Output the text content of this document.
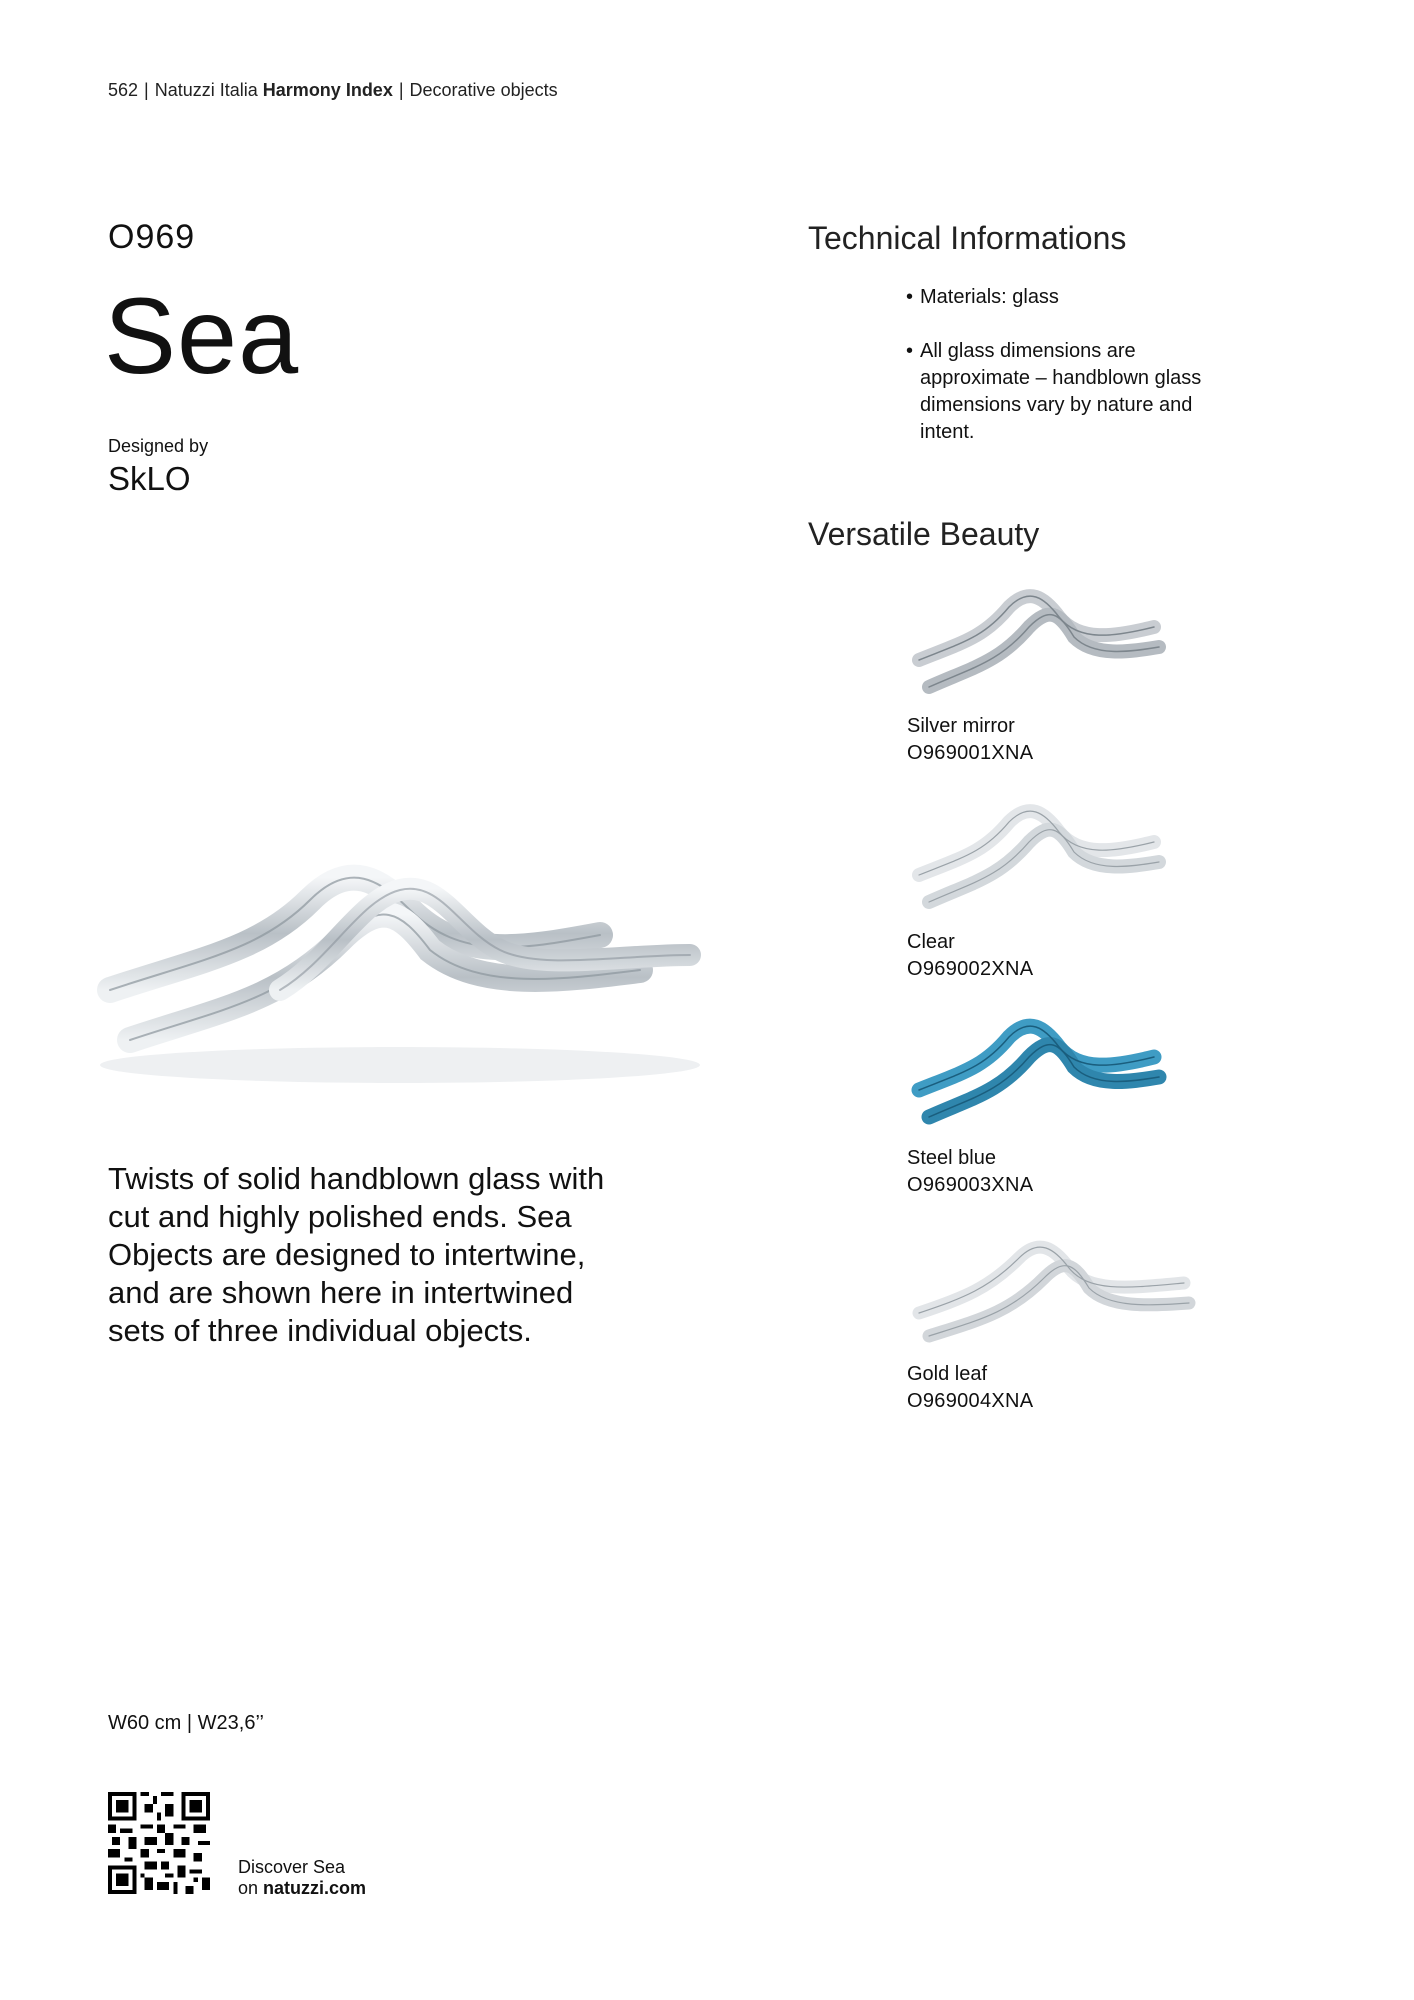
562 | Natuzzi Italia Harmony Index | Decorative objects
O969
Sea
Designed by
SkLO
Twists of solid handblown glass with cut and highly polished ends. Sea Objects are designed to intertwine, and are shown here in intertwined sets of three individual objects.
Technical Informations
• Materials: glass
• All glass dimensions are approximate – handblown glass dimensions vary by nature and intent.
Versatile Beauty
Silver mirror
O969001XNA
Clear
O969002XNA
Steel blue
O969003XNA
Gold leaf
O969004XNA
W60 cm | W23,6’’
Discover Sea
on natuzzi.com
